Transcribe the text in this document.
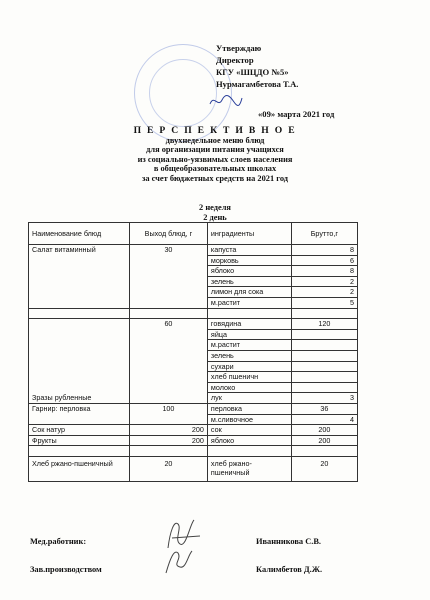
Утверждаю
Директор
КГУ «ШЦДО №5»
Нурмагамбетова Т.А.
«09» марта 2021 год
П Е Р С П Е К Т И В Н О Е
двухнедельное меню блюд
для организации питания учащихся
из социально-уязвимых слоев населения
в общеобразовательных школах
за счет бюджетных средств на 2021 год
2 неделя
2 день
Наименование блюд	Выход блюд, г	инградиенты	Брутто,г
Салат витаминный	30	капуста	8
		морковь	6
		яблоко	8
		зелень	2
		лимон для сока	2
		м.растит	5

Зразы рубленные	60	говядина	120
		яйца	
		м.растит	
		зелень	
		сухари	
		хлеб пшеничн	
		молоко	
		лук	3
Гарнир: перловка	100	перловка	36
		м.сливочное	4
Сок натур	200	сок	200
Фрукты	200	яблоко	200

Хлеб ржано-пшеничный	20	хлеб ржано-пшеничный	20
Мед.работник:	Иванникова С.В.
Зав.производством	Калимбетов Д.Ж.
